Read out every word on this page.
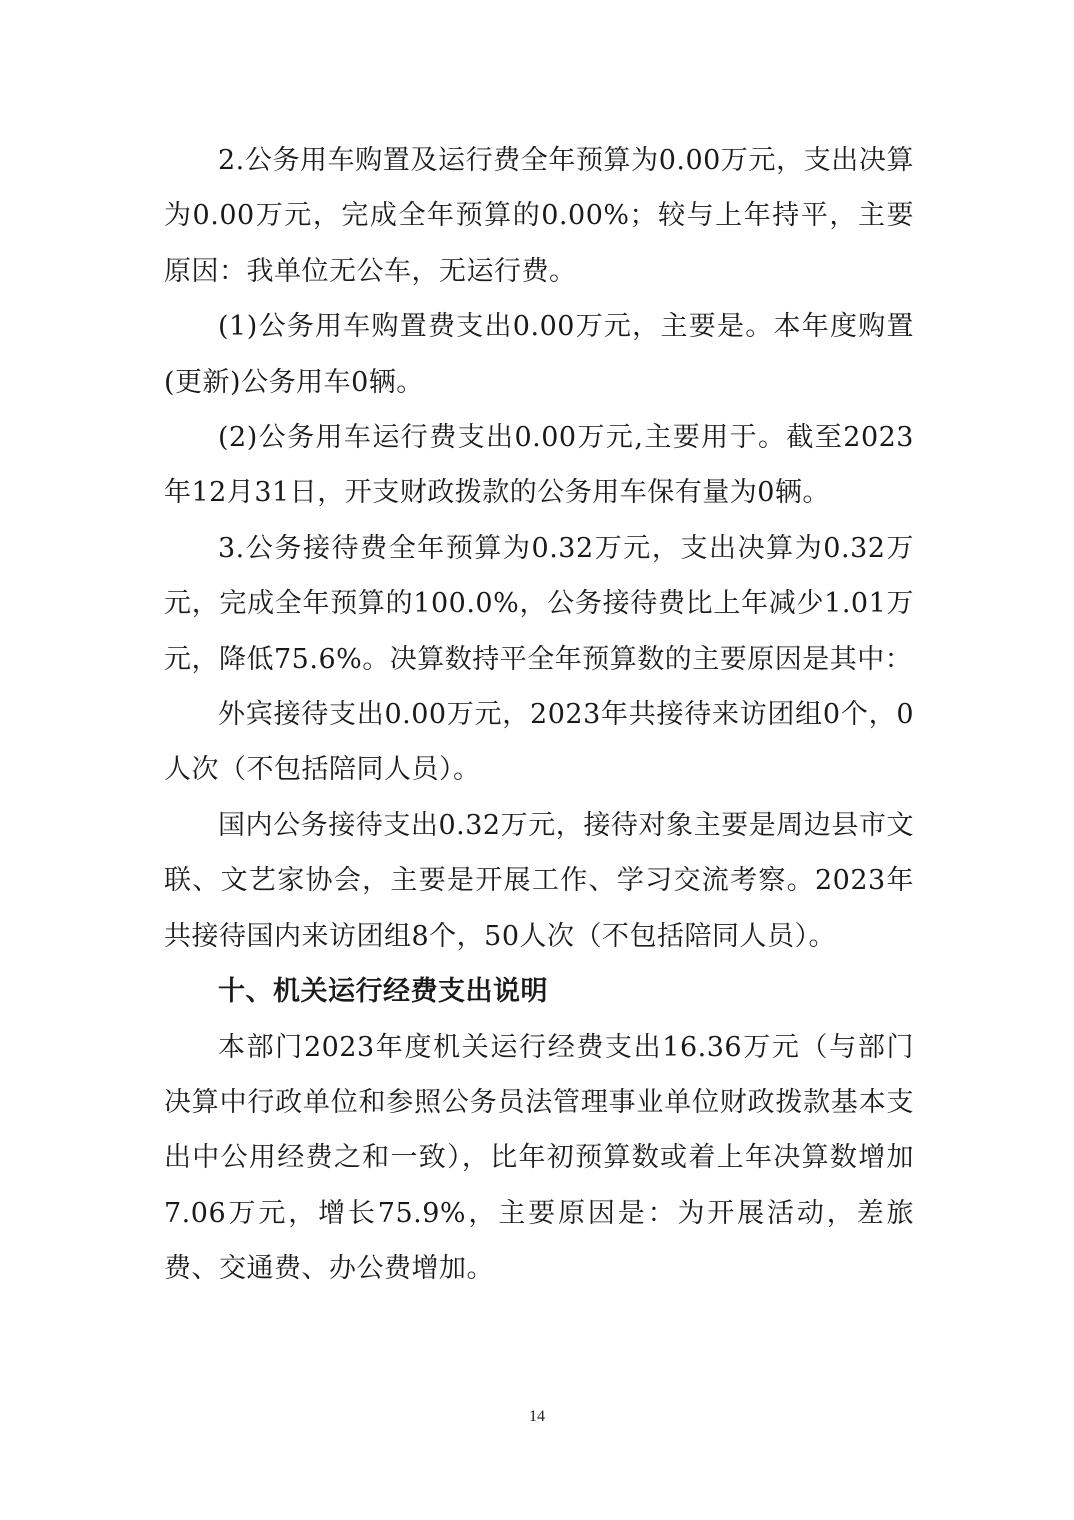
2.公务用车购置及运行费全年预算为0.00万元，支出决算为0.00万元，完成全年预算的0.00%；较与上年持平，主要原因：我单位无公车，无运行费。

(1)公务用车购置费支出0.00万元，主要是。本年度购置(更新)公务用车0辆。

(2)公务用车运行费支出0.00万元,主要用于。截至2023年12月31日，开支财政拨款的公务用车保有量为0辆。

3.公务接待费全年预算为0.32万元，支出决算为0.32万元，完成全年预算的100.0%，公务接待费比上年减少1.01万元，降低75.6%。决算数持平全年预算数的主要原因是其中：

外宾接待支出0.00万元，2023年共接待来访团组0个，0人次（不包括陪同人员）。

国内公务接待支出0.32万元，接待对象主要是周边县市文联、文艺家协会，主要是开展工作、学习交流考察。2023年共接待国内来访团组8个，50人次（不包括陪同人员）。

十、机关运行经费支出说明

本部门2023年度机关运行经费支出16.36万元（与部门决算中行政单位和参照公务员法管理事业单位财政拨款基本支出中公用经费之和一致），比年初预算数或着上年决算数增加7.06万元，增长75.9%，主要原因是：为开展活动，差旅费、交通费、办公费增加。

14
